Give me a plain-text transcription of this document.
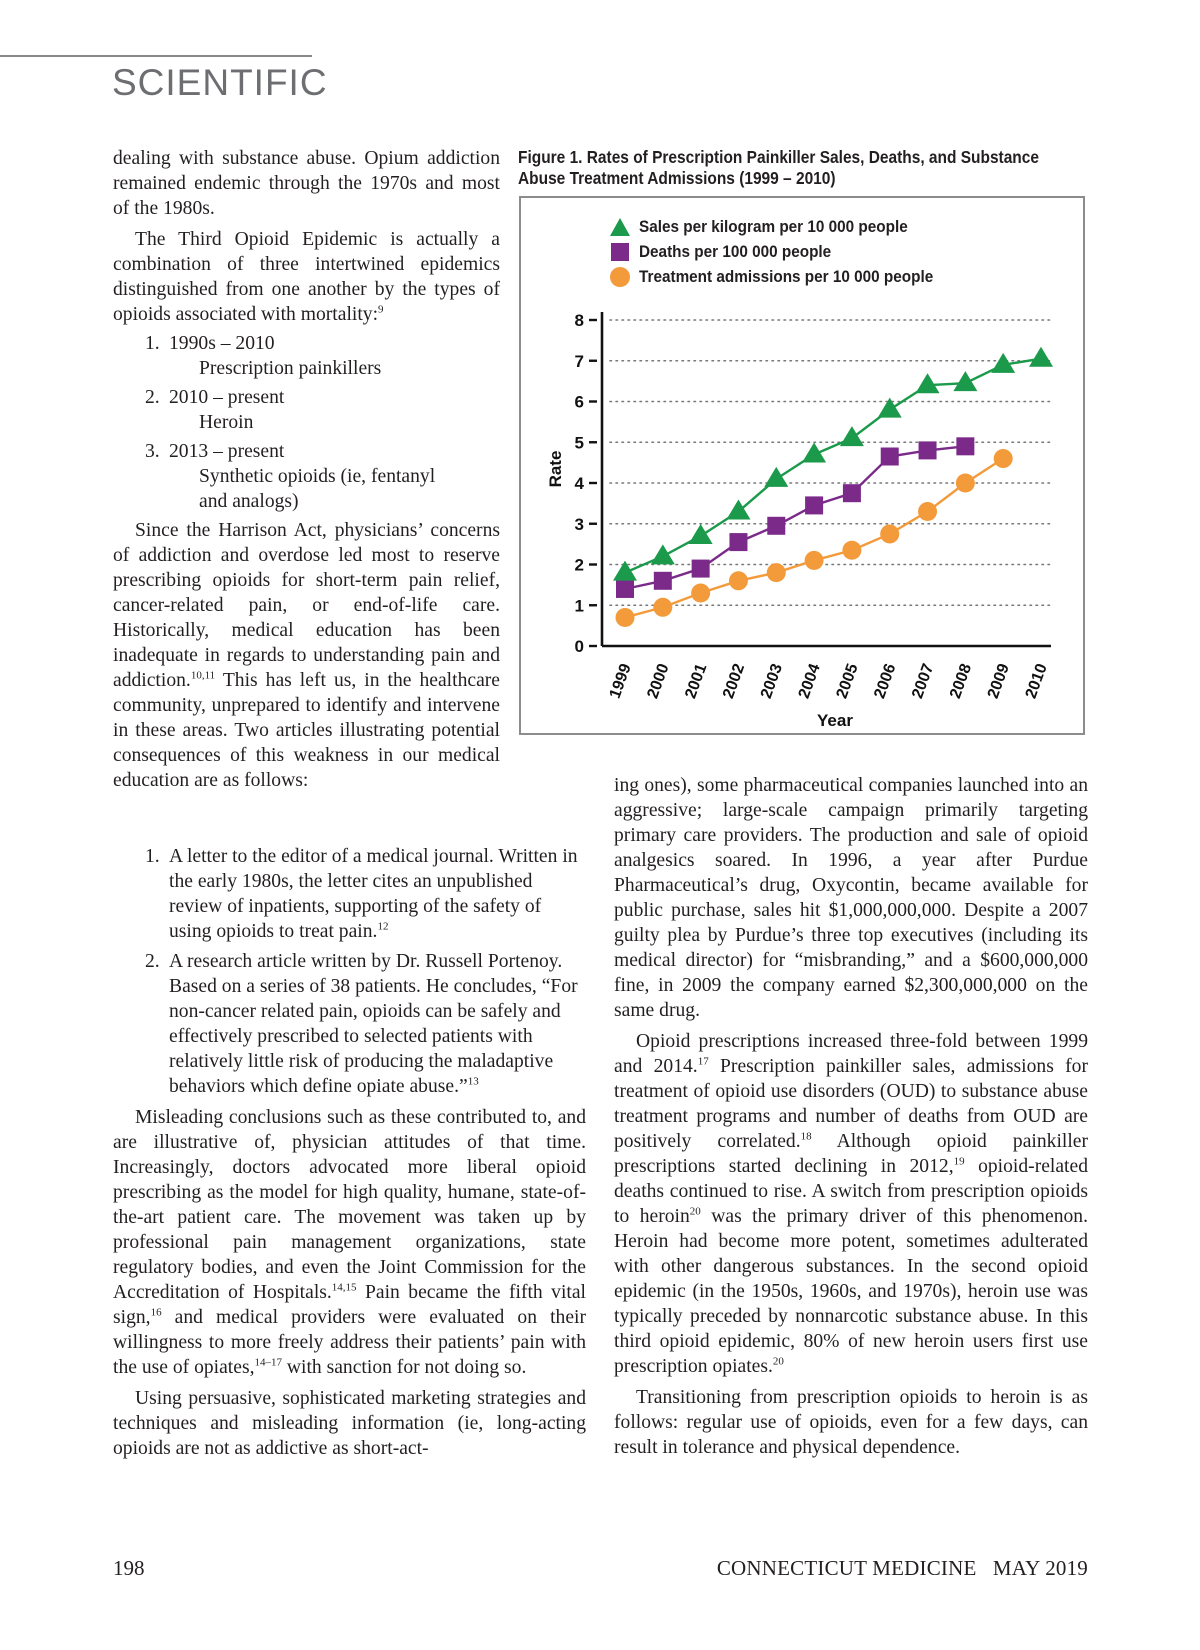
SCIENTIFIC

dealing with substance abuse. Opium addiction remained endemic through the 1970s and most of the 1980s.

The Third Opioid Epidemic is actually a combination of three intertwined epidemics distinguished from one another by the types of opioids associated with mortality:$^9$

1. 1990s – 2010
Prescription painkillers
2. 2010 – present
Heroin
3. 2013 – present
Synthetic opioids (ie, fentanyl
and analogs)

Since the Harrison Act, physicians’ concerns of addiction and overdose led most to reserve prescribing opioids for short-term pain relief, cancer-related pain, or end-of-life care. Historically, medical education has been inadequate in regards to understanding pain and addiction.$^{10,11}$ This has left us, in the healthcare community, unprepared to identify and intervene in these areas. Two articles illustrating potential consequences of this weakness in our medical education are as follows:

1. A letter to the editor of a medical journal. Written in the early 1980s, the letter cites an unpublished review of inpatients, supporting of the safety of using opioids to treat pain.$^{12}$
2. A research article written by Dr. Russell Portenoy. Based on a series of 38 patients. He concludes, “For non-cancer related pain, opioids can be safely and effectively prescribed to selected patients with relatively little risk of producing the maladaptive behaviors which define opiate abuse.”$^{13}$

Misleading conclusions such as these contributed to, and are illustrative of, physician attitudes of that time. Increasingly, doctors advocated more liberal opioid prescribing as the model for high quality, humane, state-of-the-art patient care. The movement was taken up by professional pain management organizations, state regulatory bodies, and even the Joint Commission for the Accreditation of Hospitals.$^{14,15}$ Pain became the fifth vital sign,$^{16}$ and medical providers were evaluated on their willingness to more freely address their patients’ pain with the use of opiates,$^{14-17}$ with sanction for not doing so.

Using persuasive, sophisticated marketing strategies and techniques and misleading information (ie, long-acting opioids are not as addictive as short-act-

ing ones), some pharmaceutical companies launched into an aggressive; large-scale campaign primarily targeting primary care providers. The production and sale of opioid analgesics soared. In 1996, a year after Purdue Pharmaceutical’s drug, Oxycontin, became available for public purchase, sales hit $1,000,000,000. Despite a 2007 guilty plea by Purdue’s three top executives (including its medical director) for “misbranding,” and a $600,000,000 fine, in 2009 the company earned $2,300,000,000 on the same drug.

Opioid prescriptions increased three-fold between 1999 and 2014.17 Prescription painkiller sales, admissions for treatment of opioid use disorders (OUD) to substance abuse treatment programs and number of deaths from OUD are positively correlated.$^{18}$ Although opioid painkiller prescriptions started declining in 2012,19 opioid-related deaths continued to rise. A switch from prescription opioids to heroin$^{20}$ was the primary driver of this phenomenon. Heroin had become more potent, sometimes adulterated with other dangerous substances. In the second opioid epidemic (in the 1950s, 1960s, and 1970s), heroin use was typically preceded by nonnarcotic substance abuse. In this third opioid epidemic, 80% of new heroin users first use prescription opiates.$^{20}$

Transitioning from prescription opioids to heroin is as follows: regular use of opioids, even for a few days, can result in tolerance and physical dependence.

Figure 1. Rates of Prescription Painkiller Sales, Deaths, and Substance
Abuse Treatment Admissions (1999 – 2010)
Sales per kilogram per 10 000 people
Deaths per 100 000 people
Treatment admissions per 10 000 people
0
1
2
3
4
5
6
7
8
Rate
1999 2000 2001 2002 2003 2004 2005 2006 2007 2008 2009 2010
Year
198	CONNECTICUT MEDICINE   MAY 2019
